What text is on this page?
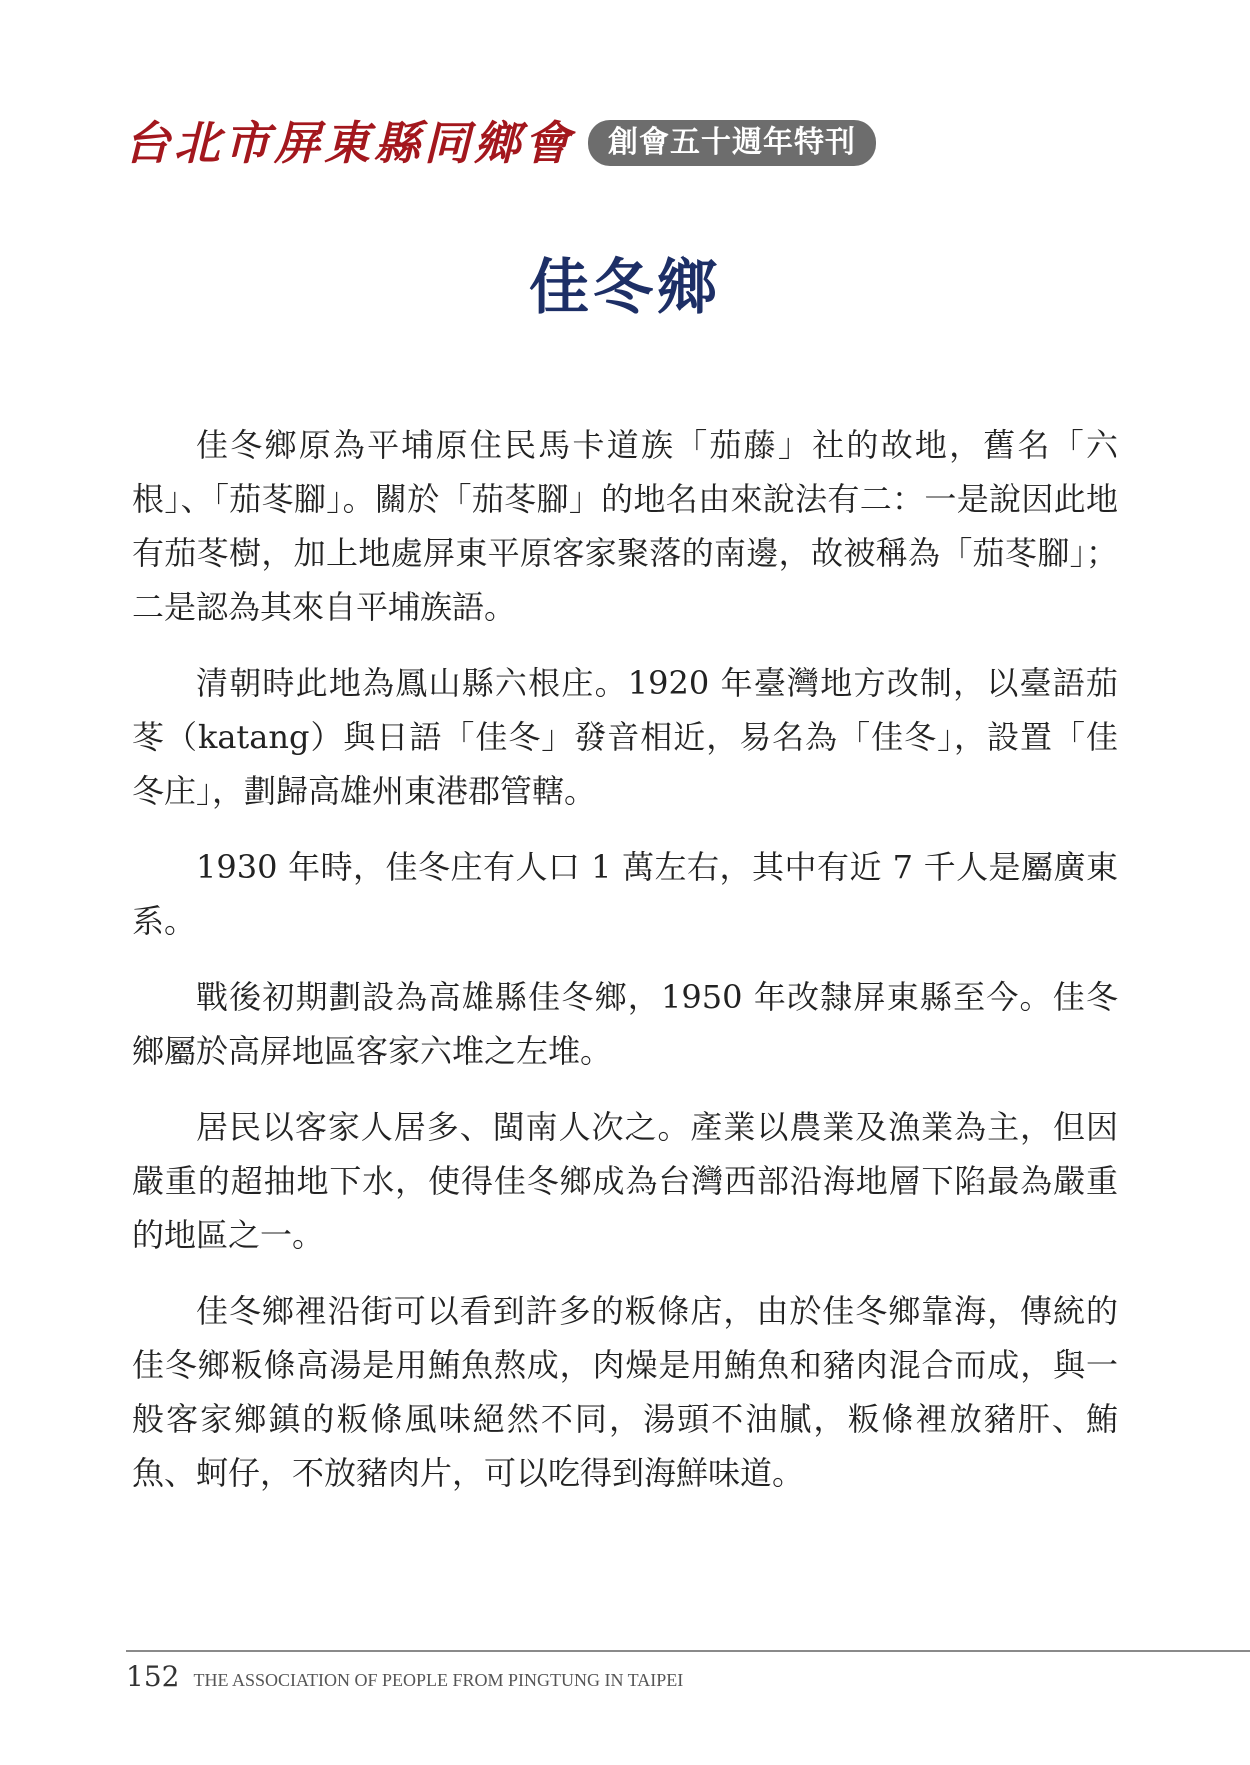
台北市屏東縣同鄉會	創會五十週年特刊
佳冬鄉

佳冬鄉原為平埔原住民馬卡道族「茄藤」社的故地，舊名「六根」、「茄苳腳」。關於「茄苳腳」的地名由來說法有二：一是說因此地有茄苳樹，加上地處屏東平原客家聚落的南邊，故被稱為「茄苳腳」；二是認為其來自平埔族語。

清朝時此地為鳳山縣六根庄。1920 年臺灣地方改制，以臺語茄苳（katang）與日語「佳冬」發音相近，易名為「佳冬」，設置「佳冬庄」，劃歸高雄州東港郡管轄。

1930 年時，佳冬庄有人口 1 萬左右，其中有近 7 千人是屬廣東系。

戰後初期劃設為高雄縣佳冬鄉，1950 年改隸屏東縣至今。佳冬鄉屬於高屏地區客家六堆之左堆。

居民以客家人居多、閩南人次之。產業以農業及漁業為主，但因嚴重的超抽地下水，使得佳冬鄉成為台灣西部沿海地層下陷最為嚴重的地區之一。

佳冬鄉裡沿街可以看到許多的粄條店，由於佳冬鄉靠海，傳統的佳冬鄉粄條高湯是用鮪魚熬成，肉燥是用鮪魚和豬肉混合而成，與一般客家鄉鎮的粄條風味絕然不同，湯頭不油膩，粄條裡放豬肝、鮪魚、蚵仔，不放豬肉片，可以吃得到海鮮味道。

152 THE ASSOCIATION OF PEOPLE FROM PINGTUNG IN TAIPEI
